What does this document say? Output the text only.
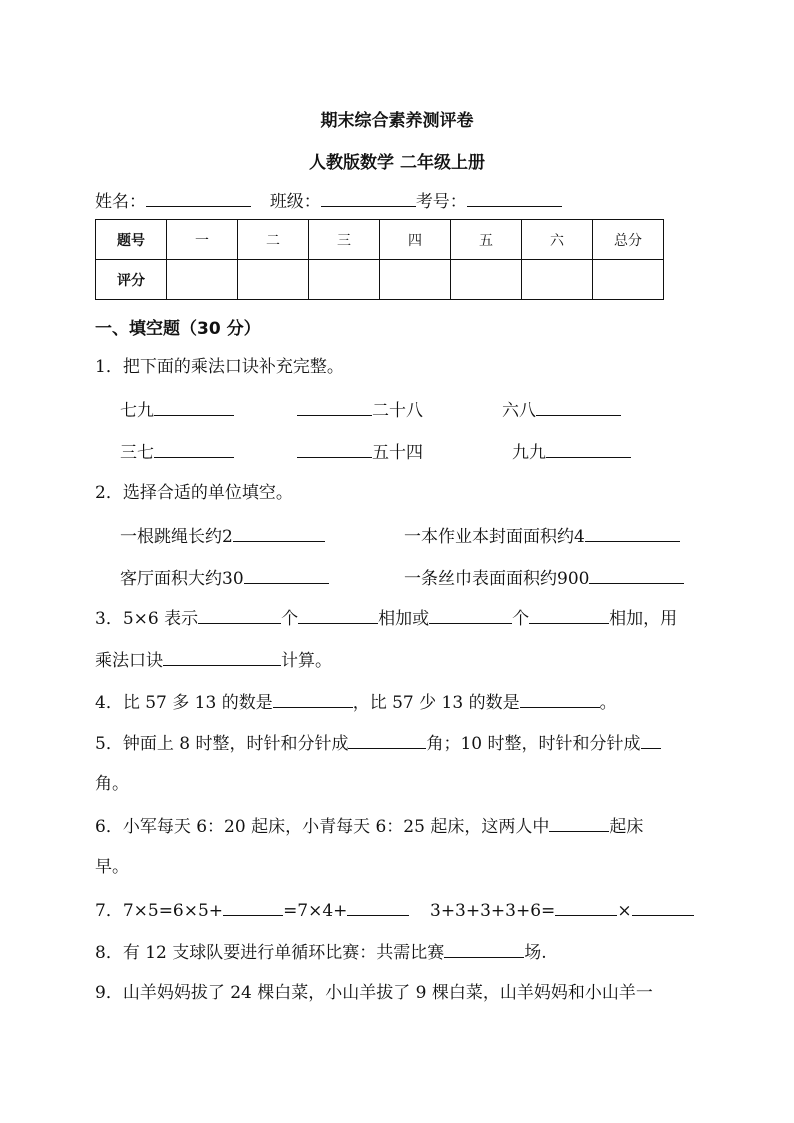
期末综合素养测评卷
人教版数学 二年级上册
姓名：	班级：	考号：
题号	一	二	三	四	五	六	总分
评分							
一、填空题（30 分）
1．把下面的乘法口诀补充完整。
七九	二十八	六八
三七	五十四	九九
2．选择合适的单位填空。
一根跳绳长约2	一本作业本封面面积约4
客厅面积大约30	一条丝巾表面面积约900
3．5×6 表示	个	相加或	个	相加，用
乘法口诀	计算。
4．比 57 多 13 的数是	，比 57 少 13 的数是	。
5．钟面上 8 时整，时针和分针成	角；10 时整，时针和分针成
角。
6．小军每天 6：20 起床，小青每天 6：25 起床，这两人中	起床
早。
7．7×5=6×5+	=7×4+	3+3+3+3+6=	×
8．有 12 支球队要进行单循环比赛：共需比赛	场.
9．山羊妈妈拔了 24 棵白菜，小山羊拔了 9 棵白菜，山羊妈妈和小山羊一
